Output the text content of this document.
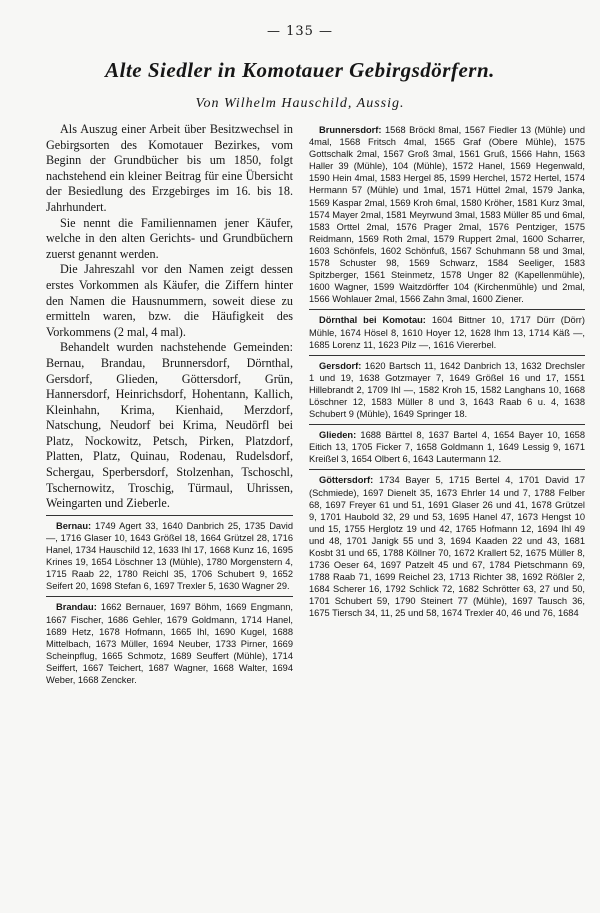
— 135 —
Alte Siedler in Komotauer Gebirgsdörfern.
Von Wilhelm Hauschild, Aussig.

Als Auszug einer Arbeit über Besitzwechsel in Gebirgsorten des Komotauer Bezirkes, vom Beginn der Grundbücher bis um 1850, folgt nachstehend ein kleiner Beitrag für eine Übersicht der Besiedlung des Erzgebirges im 16. bis 18. Jahrhundert.

Sie nennt die Familiennamen jener Käufer, welche in den alten Gerichts- und Grundbüchern zuerst genannt werden.

Die Jahreszahl vor den Namen zeigt dessen erstes Vorkommen als Käufer, die Ziffern hinter den Namen die Hausnummern, soweit diese zu ermitteln waren, bzw. die Häufigkeit des Vorkommens (2 mal, 4 mal).

Behandelt wurden nachstehende Gemeinden: Bernau, Brandau, Brunnersdorf, Dörnthal, Gersdorf, Glieden, Göttersdorf, Grün, Hannersdorf, Heinrichsdorf, Hohentann, Kallich, Kleinhahn, Krima, Kienhaid, Merzdorf, Natschung, Neudorf bei Krima, Neudörfl bei Platz, Nockowitz, Petsch, Pirken, Platzdorf, Platten, Platz, Quinau, Rodenau, Rudelsdorf, Schergau, Sperbersdorf, Stolzenhan, Tschoschl, Tschernowitz, Troschig, Türmaul, Uhrissen, Weingarten und Zieberle.

Bernau: 1749 Agert 33, 1640 Danbrich 25, 1735 David —, 1716 Glaser 10, 1643 Größel 18, 1664 Grützel 28, 1716 Hanel, 1734 Hauschild 12, 1633 Ihl 17, 1668 Kunz 16, 1695 Krines 19, 1654 Löschner 13 (Mühle), 1780 Morgenstern 4, 1715 Raab 22, 1780 Reichl 35, 1706 Schubert 9, 1652 Seifert 20, 1698 Stefan 6, 1697 Trexler 5, 1630 Wagner 29.

Brandau: 1662 Bernauer, 1697 Böhm, 1669 Engmann, 1667 Fischer, 1686 Gehler, 1679 Goldmann, 1714 Hanel, 1689 Hetz, 1678 Hofmann, 1665 Ihl, 1690 Kugel, 1688 Mittelbach, 1673 Müller, 1694 Neuber, 1733 Pirner, 1669 Scheinpflug, 1665 Schmotz, 1689 Seuffert (Mühle), 1714 Seiffert, 1667 Teichert, 1687 Wagner, 1668 Walter, 1694 Weber, 1668 Zencker.

Brunnersdorf: 1568 Bröckl 8mal, 1567 Fiedler 13 (Mühle) und 4mal, 1568 Fritsch 4mal, 1565 Graf (Obere Mühle), 1575 Gottschalk 2mal, 1567 Groß 3mal, 1561 Gruß, 1566 Hahn, 1563 Haller 39 (Mühle), 104 (Mühle), 1572 Hanel, 1569 Hegenwald, 1590 Hein 4mal, 1583 Hergel 85, 1599 Herchel, 1572 Hertel, 1574 Hermann 57 (Mühle) und 1mal, 1571 Hüttel 2mal, 1579 Janka, 1569 Kaspar 2mal, 1569 Kroh 6mal, 1580 Kröher, 1581 Kurz 3mal, 1574 Mayer 2mal, 1581 Meyrwund 3mal, 1583 Müller 85 und 6mal, 1583 Orttel 2mal, 1576 Prager 2mal, 1576 Pentziger, 1575 Reidmann, 1569 Roth 2mal, 1579 Ruppert 2mal, 1600 Scharrer, 1603 Schönfels, 1602 Schönfuß, 1567 Schuhmann 58 und 3mal, 1578 Schuster 98, 1569 Schwarz, 1584 Seeliger, 1583 Spitzberger, 1561 Steinmetz, 1578 Unger 82 (Kapellenmühle), 1600 Wagner, 1599 Waitzdörffer 104 (Kirchenmühle) und 2mal, 1566 Wohlauer 2mal, 1566 Zahn 3mal, 1600 Ziener.

Dörnthal bei Komotau: 1604 Bittner 10, 1717 Dürr (Dörr) Mühle, 1674 Hösel 8, 1610 Hoyer 12, 1628 Ihm 13, 1714 Käß —, 1685 Lorenz 11, 1623 Pilz —, 1616 Viererbel.

Gersdorf: 1620 Bartsch 11, 1642 Danbrich 13, 1632 Drechsler 1 und 19, 1638 Gotzmayer 7, 1649 Größel 16 und 17, 1551 Hillebrandt 2, 1709 Ihl —, 1582 Kroh 15, 1582 Langhans 10, 1668 Löschner 12, 1583 Müller 8 und 3, 1643 Raab 6 u. 4, 1638 Schubert 9 (Mühle), 1649 Springer 18.

Glieden: 1688 Bärttel 8, 1637 Bartel 4, 1654 Bayer 10, 1658 Eitich 13, 1705 Ficker 7, 1658 Goldmann 1, 1649 Lessig 9, 1671 Kreißel 3, 1654 Olbert 6, 1643 Lautermann 12.

Göttersdorf: 1734 Bayer 5, 1715 Bertel 4, 1701 David 17 (Schmiede), 1697 Dienelt 35, 1673 Ehrler 14 und 7, 1788 Felber 68, 1697 Freyer 61 und 51, 1691 Glaser 26 und 41, 1678 Grützel 9, 1701 Haubold 32, 29 und 53, 1695 Hanel 47, 1673 Hengst 10 und 15, 1755 Herglotz 19 und 42, 1765 Hofmann 12, 1694 Ihl 49 und 48, 1701 Janigk 55 und 3, 1694 Kaaden 22 und 43, 1681 Kosbt 31 und 65, 1788 Köllner 70, 1672 Krallert 52, 1675 Müller 8, 1736 Oeser 64, 1697 Patzelt 45 und 67, 1784 Pietschmann 69, 1788 Raab 71, 1699 Reichel 23, 1713 Richter 38, 1692 Rößler 2, 1684 Scherer 16, 1792 Schlick 72, 1682 Schrötter 63, 27 und 50, 1701 Schubert 59, 1790 Steinert 77 (Mühle), 1697 Tausch 36, 1675 Tiersch 34, 11, 25 und 58, 1674 Trexler 40, 46 und 76, 1684
